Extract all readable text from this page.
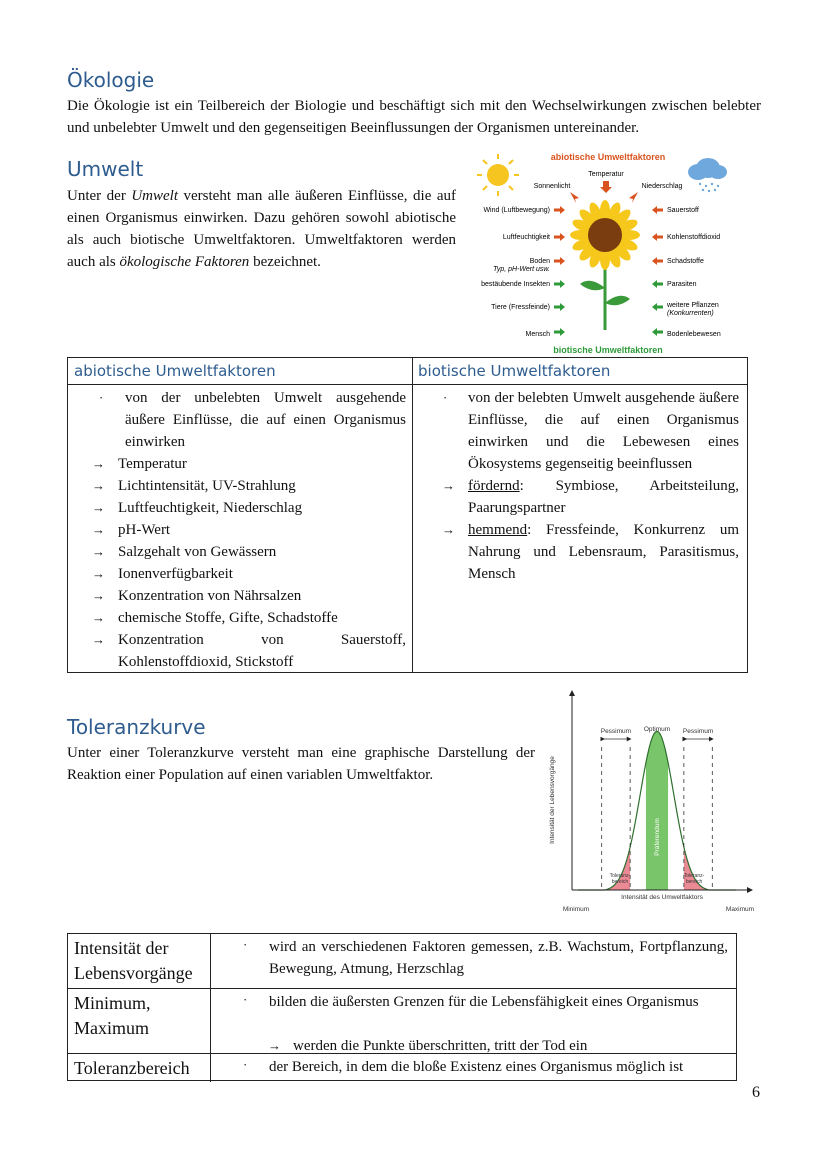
Ökologie

Die Ökologie ist ein Teilbereich der Biologie und beschäftigt sich mit den Wechselwirkungen zwischen belebter und unbelebter Umwelt und den gegenseitigen Beeinflussungen der Organismen untereinander.

Umwelt

Unter der Umwelt versteht man alle äußeren Einflüsse, die auf einen Organismus einwirken. Dazu gehören sowohl abiotische als auch biotische Umweltfaktoren. Umweltfaktoren werden auch als ökologische Faktoren bezeichnet.

abiotische Umweltfaktoren
biotische Umweltfaktoren
Sonnenlicht
Temperatur
Niederschlag
Wind (Luftbewegung)
Luftfeuchtigkeit
Boden
Typ, pH-Wert usw.
bestäubende Insekten
Tiere (Fressfeinde)
Mensch
Sauerstoff
Kohlenstoffdioxid
Schadstoffe
Parasiten
weitere Pflanzen
(Konkurrenten)
Bodenlebewesen
abiotische Umweltfaktoren
· von der unbelebten Umwelt ausgehende äußere Einflüsse, die auf einen Organismus einwirken
→ Temperatur
→ Lichtintensität, UV-Strahlung
→ Luftfeuchtigkeit, Niederschlag
→ pH-Wert
→ Salzgehalt von Gewässern
→ Ionenverfügbarkeit
→ Konzentration von Nährsalzen
→ chemische Stoffe, Gifte, Schadstoffe
→ Konzentration von Sauerstoff, Kohlenstoffdioxid, Stickstoff
biotische Umweltfaktoren
· von der belebten Umwelt ausgehende äußere Einflüsse, die auf einen Organismus einwirken und die Lebewesen eines Ökosystems gegenseitig beeinflussen
→ fördernd: Symbiose, Arbeitsteilung, Paarungspartner
→ hemmend: Fressfeinde, Konkurrenz um Nahrung und Lebensraum, Parasitismus, Mensch
Toleranzkurve

Unter einer Toleranzkurve versteht man eine graphische Darstellung der Reaktion einer Population auf einen variablen Umweltfaktor.

Pessimum Optimum Pessimum
Präferendum
Toleranz-
bereich
Toleranz-
bereich
Intensität des Umweltfaktors
Minimum	Maximum
Intensität der Lebensvorgänge
Intensität der Lebensvorgänge
· wird an verschiedenen Faktoren gemessen, z.B. Wachstum, Fortpflanzung, Bewegung, Atmung, Herzschlag
Minimum, Maximum
· bilden die äußersten Grenzen für die Lebensfähigkeit eines Organismus
→ werden die Punkte überschritten, tritt der Tod ein
Toleranzbereich	· der Bereich, in dem die bloße Existenz eines Organismus möglich ist
6
